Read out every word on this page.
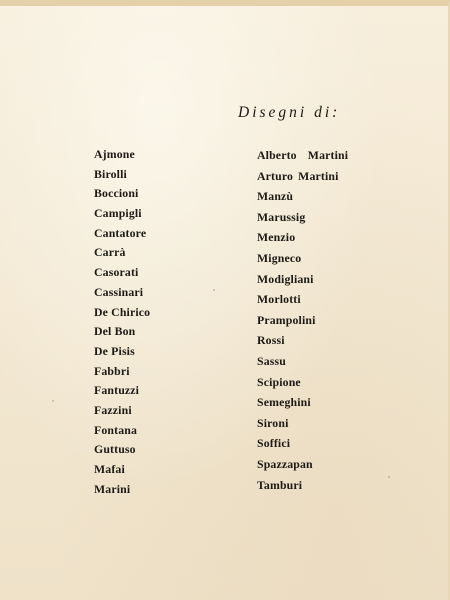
Disegni di:
Ajmone
Birolli
Boccioni
Campigli
Cantatore
Carrà
Casorati
Cassinari
De Chirico
Del Bon
De Pisis
Fabbri
Fantuzzi
Fazzini
Fontana
Guttuso
Mafai
Marini
Alberto Martini
Arturo Martini
Manzù
Marussig
Menzio
Migneco
Modigliani
Morlotti
Prampolini
Rossi
Sassu
Scipione
Semeghini
Sironi
Soffici
Spazzapan
Tamburi
